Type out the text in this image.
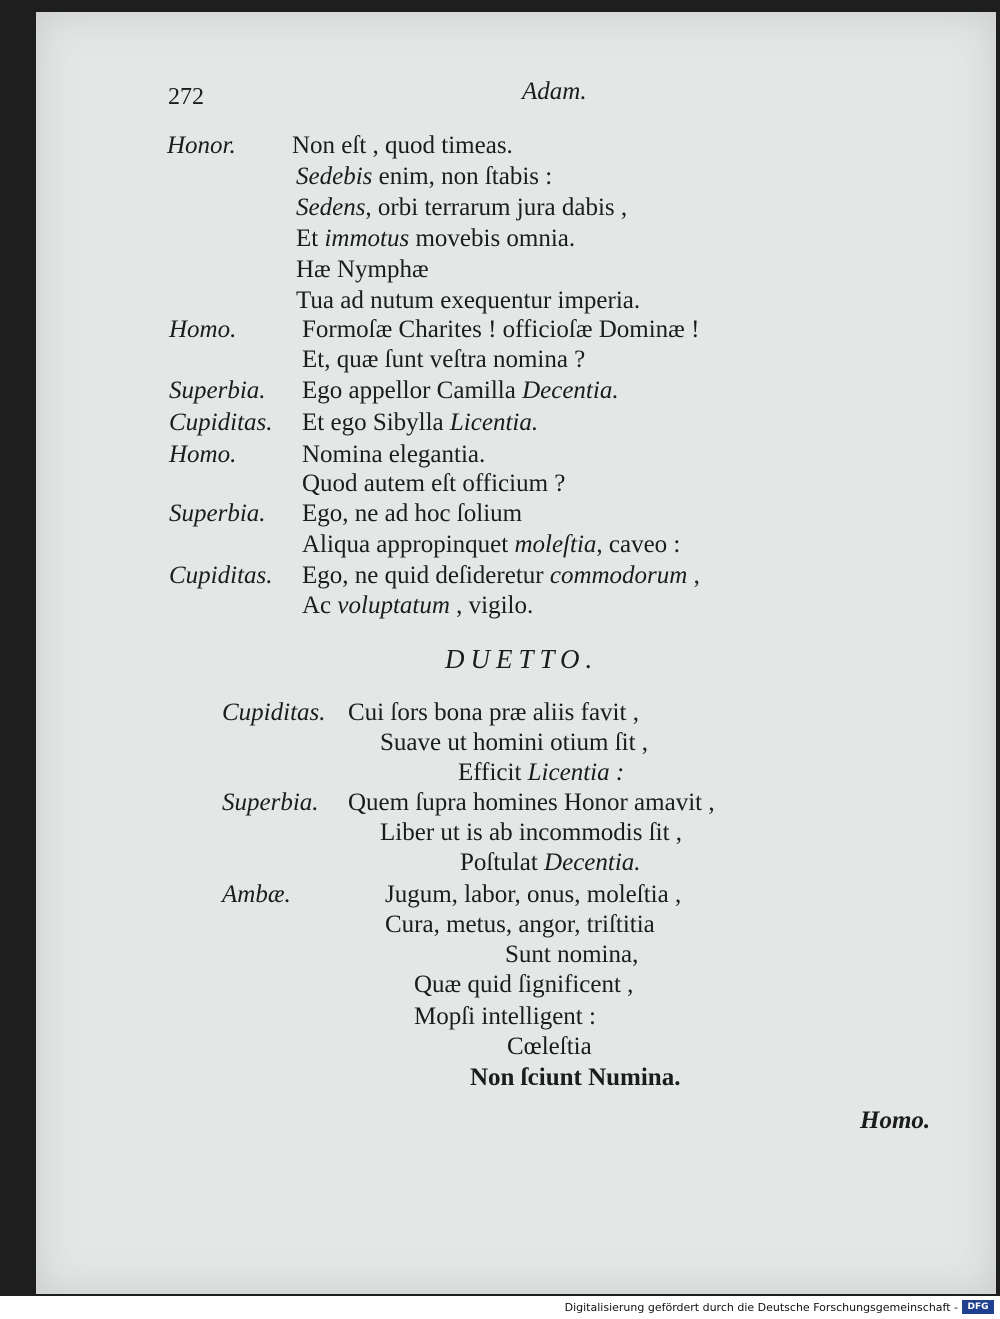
272	Adam.
Honor. Non eſt , quod timeas.
Sedebis enim, non ſtabis :
Sedens, orbi terrarum jura dabis ,
Et immotus movebis omnia.
Hæ Nymphæ
Tua ad nutum exequentur imperia.
Homo.	Formoſæ Charites ! officioſæ Dominæ !
Et, quæ ſunt veſtra nomina ?
Superbia. Ego appellor Camilla Decentia.
Cupiditas. Et ego Sibylla Licentia.
Homo.	Nomina elegantia.
Quod autem eſt officium ?
Superbia. Ego, ne ad hoc ſolium
Aliqua appropinquet moleſtia, caveo :
Cupiditas. Ego, ne quid deſideretur commodorum ,
Ac voluptatum , vigilo.
Cupiditas. Cui ſors bona præ aliis favit ,
Suave ut homini otium ſit ,
Efficit Licentia :
Superbia. Quem ſupra homines Honor amavit ,
Liber ut is ab incommodis ſit ,
Poſtulat Decentia.
Ambæ.	Jugum, labor, onus, moleſtia ,
Cura, metus, angor, triſtitia
Sunt nomina,
Quæ quid ſignificent ,
Mopſi intelligent :
Cœleſtia
Non ſciunt Numina.
DUETTO.
Homo.
Digitalisierung gefördert durch die Deutsche Forschungsgemeinschaft -	DFG
